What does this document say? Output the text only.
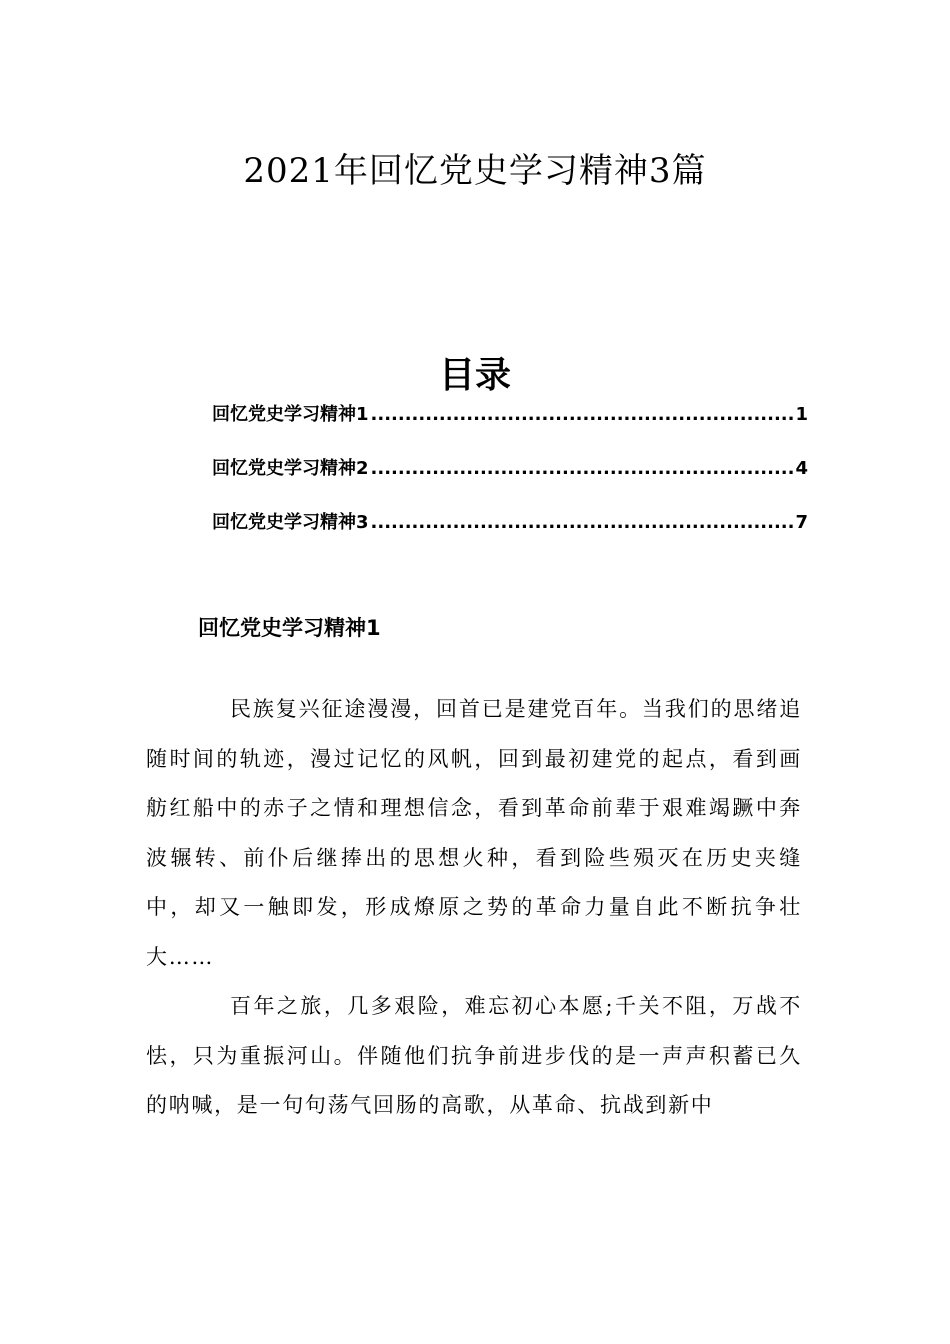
2021年回忆党史学习精神3篇
目录
回忆党史学习精神1 .....	1
回忆党史学习精神2 .....	4
回忆党史学习精神3 .....	7
回忆党史学习精神1

民族复兴征途漫漫，回首已是建党百年。当我们的思绪追随时间的轨迹，漫过记忆的风帆，回到最初建党的起点，看到画舫红船中的赤子之情和理想信念，看到革命前辈于艰难竭蹶中奔波辗转、前仆后继捧出的思想火种，看到险些殒灭在历史夹缝中，却又一触即发，形成燎原之势的革命力量自此不断抗争壮大……

百年之旅，几多艰险，难忘初心本愿;千关不阻，万战不怯，只为重振河山。伴随他们抗争前进步伐的是一声声积蓄已久的呐喊，是一句句荡气回肠的高歌，从革命、抗战到新中
